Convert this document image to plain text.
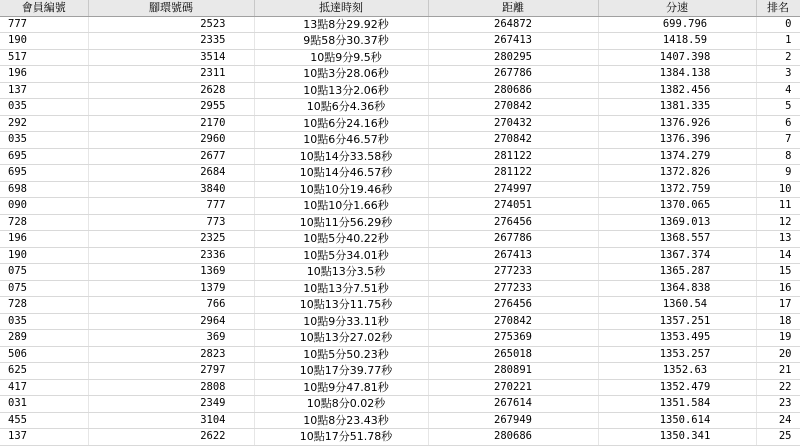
會員編號	腳環號碼	抵達時刻	距離	分速	排名
777	2523	13點8分29.92秒	264872	699.796	0
190	2335	9點58分30.37秒	267413	1418.59	1
517	3514	10點9分9.5秒	280295	1407.398	2
196	2311	10點3分28.06秒	267786	1384.138	3
137	2628	10點13分2.06秒	280686	1382.456	4
035	2955	10點6分4.36秒	270842	1381.335	5
292	2170	10點6分24.16秒	270432	1376.926	6
035	2960	10點6分46.57秒	270842	1376.396	7
695	2677	10點14分33.58秒	281122	1374.279	8
695	2684	10點14分46.57秒	281122	1372.826	9
698	3840	10點10分19.46秒	274997	1372.759	10
090	777	10點10分1.66秒	274051	1370.065	11
728	773	10點11分56.29秒	276456	1369.013	12
196	2325	10點5分40.22秒	267786	1368.557	13
190	2336	10點5分34.01秒	267413	1367.374	14
075	1369	10點13分3.5秒	277233	1365.287	15
075	1379	10點13分7.51秒	277233	1364.838	16
728	766	10點13分11.75秒	276456	1360.54	17
035	2964	10點9分33.11秒	270842	1357.251	18
289	369	10點13分27.02秒	275369	1353.495	19
506	2823	10點5分50.23秒	265018	1353.257	20
625	2797	10點17分39.77秒	280891	1352.63	21
417	2808	10點9分47.81秒	270221	1352.479	22
031	2349	10點8分0.02秒	267614	1351.584	23
455	3104	10點8分23.43秒	267949	1350.614	24
137	2622	10點17分51.78秒	280686	1350.341	25
